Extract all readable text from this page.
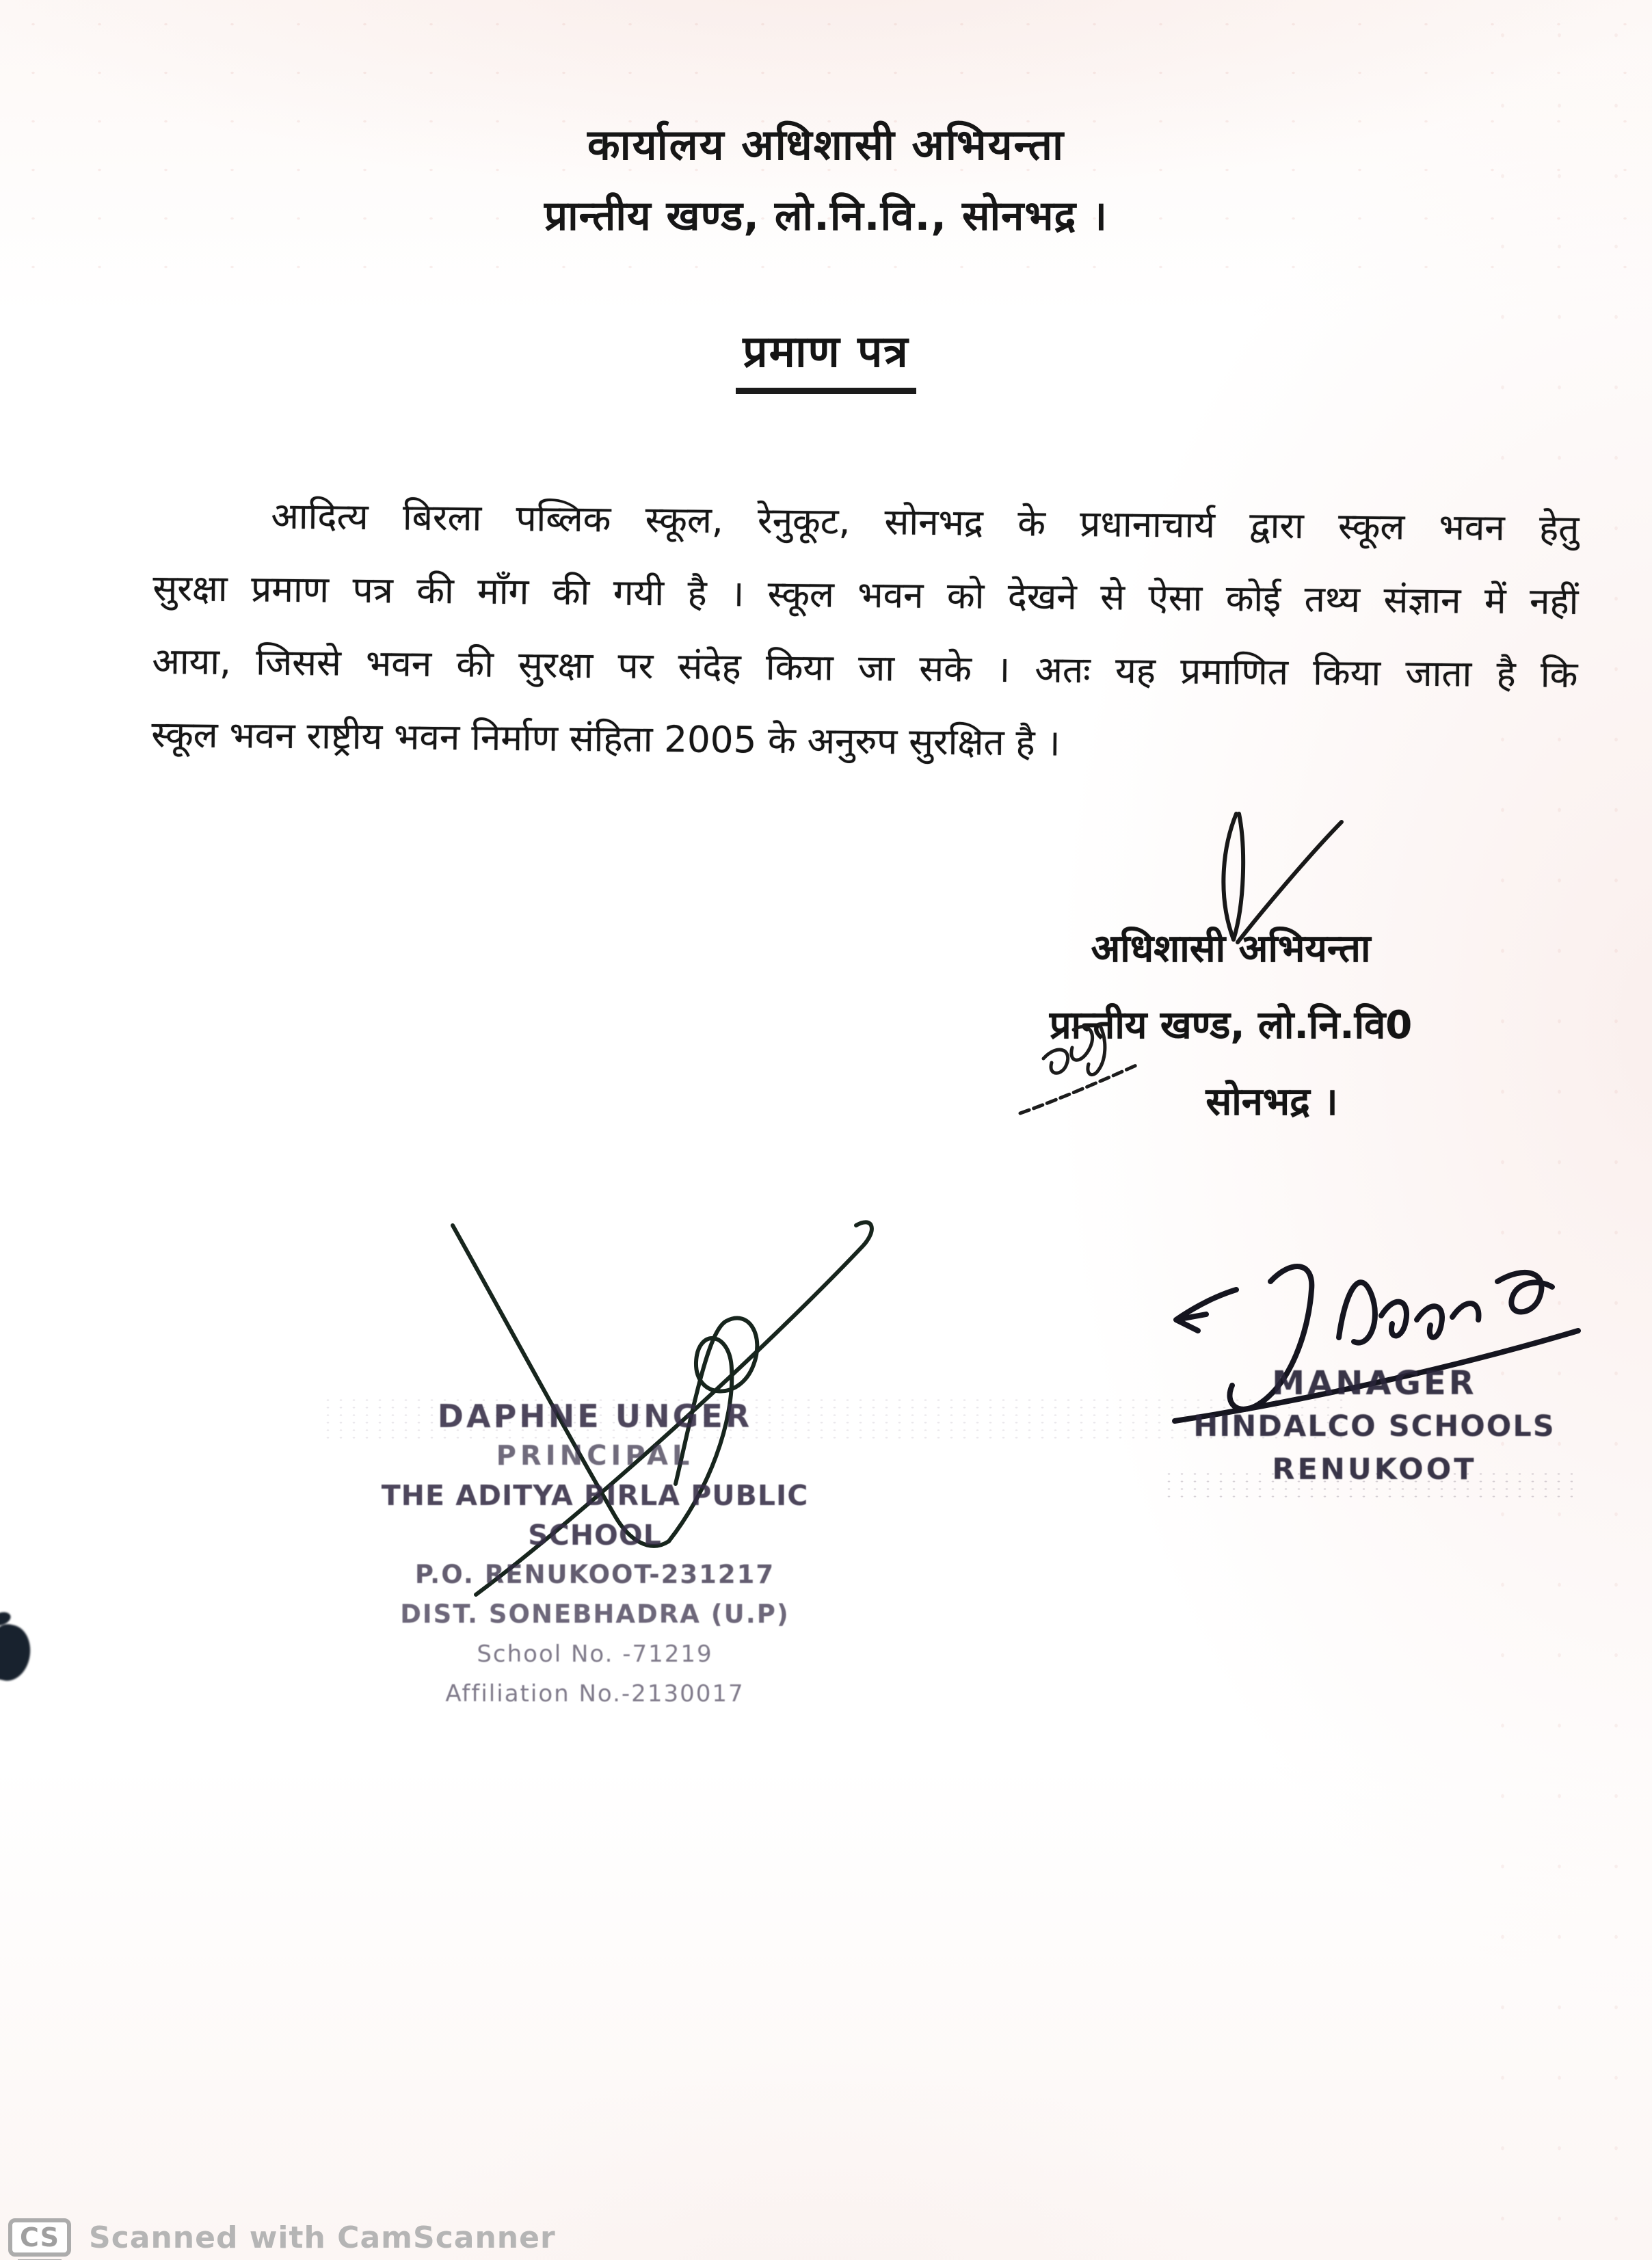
कार्यालय अधिशासी अभियन्ता
प्रान्तीय खण्ड, लो.नि.वि., सोनभद्र ।
प्रमाण पत्र
आदित्य बिरला पब्लिक स्कूल, रेनुकूट, सोनभद्र के प्रधानाचार्य द्वारा स्कूल भवन हेतु
सुरक्षा प्रमाण पत्र की माँग की गयी है । स्कूल भवन को देखने से ऐसा कोई तथ्य संज्ञान में नहीं
आया, जिससे भवन की सुरक्षा पर संदेह किया जा सके । अतः यह प्रमाणित किया जाता है कि
स्कूल भवन राष्ट्रीय भवन निर्माण संहिता 2005 के अनुरुप सुरक्षित है ।
अधिशासी अभियन्ता
प्रान्तीय खण्ड, लो.नि.वि0
सोनभद्र ।
DAPHNE UNGER
PRINCIPAL
THE ADITYA BIRLA PUBLIC SCHOOL
P.O. RENUKOOT-231217
DIST. SONEBHADRA (U.P)
School No. -71219
Affiliation No.-2130017
MANAGER
HINDALCO SCHOOLS
RENUKOOT
CS Scanned with CamScanner
